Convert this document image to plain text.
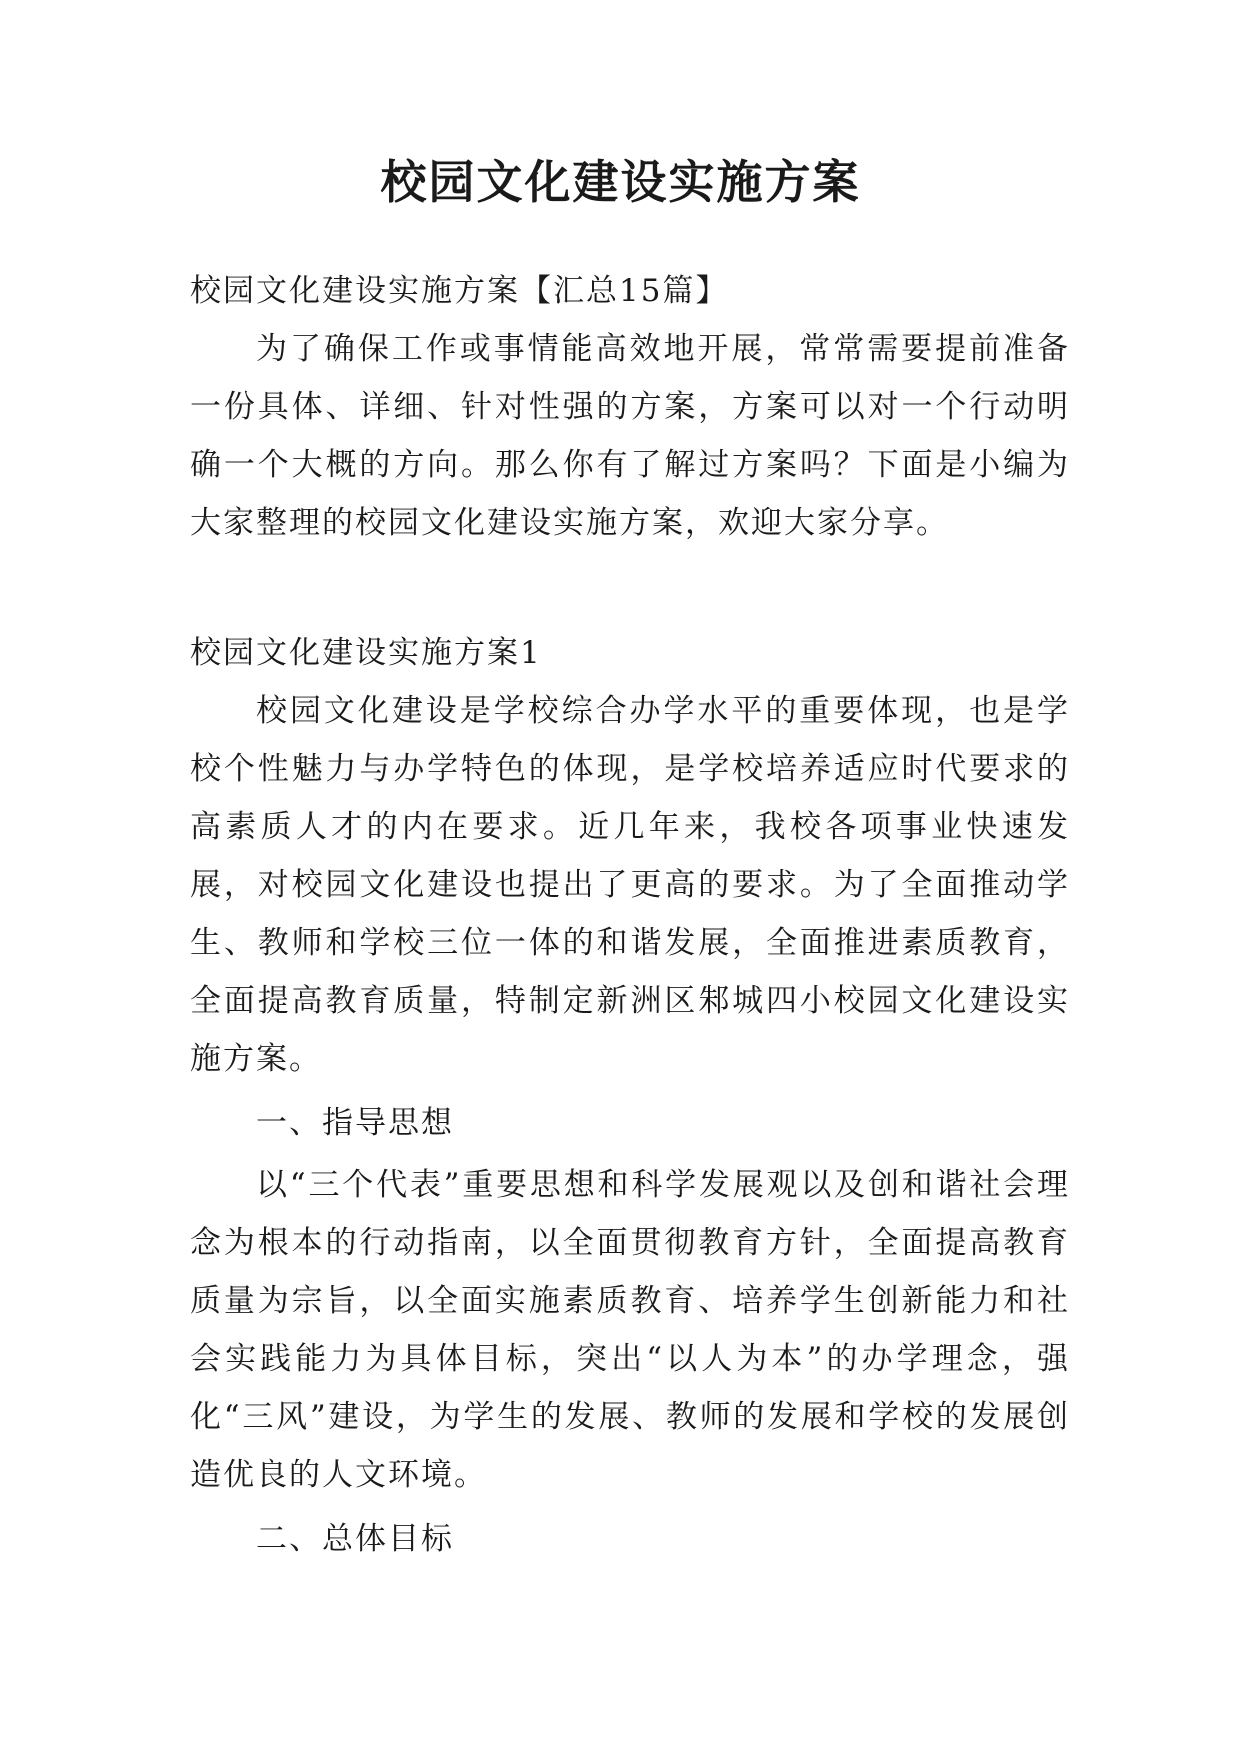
校园文化建设实施方案

校园文化建设实施方案【汇总15篇】

为了确保工作或事情能高效地开展，常常需要提前准备一份具体、详细、针对性强的方案，方案可以对一个行动明确一个大概的方向。那么你有了解过方案吗？下面是小编为大家整理的校园文化建设实施方案，欢迎大家分享。

校园文化建设实施方案1

校园文化建设是学校综合办学水平的重要体现，也是学校个性魅力与办学特色的体现，是学校培养适应时代要求的高素质人才的内在要求。近几年来，我校各项事业快速发展，对校园文化建设也提出了更高的要求。为了全面推动学生、教师和学校三位一体的和谐发展，全面推进素质教育，全面提高教育质量，特制定新洲区邾城四小校园文化建设实施方案。

一、指导思想

以“三个代表”重要思想和科学发展观以及创和谐社会理念为根本的行动指南，以全面贯彻教育方针，全面提高教育质量为宗旨，以全面实施素质教育、培养学生创新能力和社会实践能力为具体目标，突出“以人为本”的办学理念，强化“三风”建设，为学生的发展、教师的发展和学校的发展创造优良的人文环境。

二、总体目标
